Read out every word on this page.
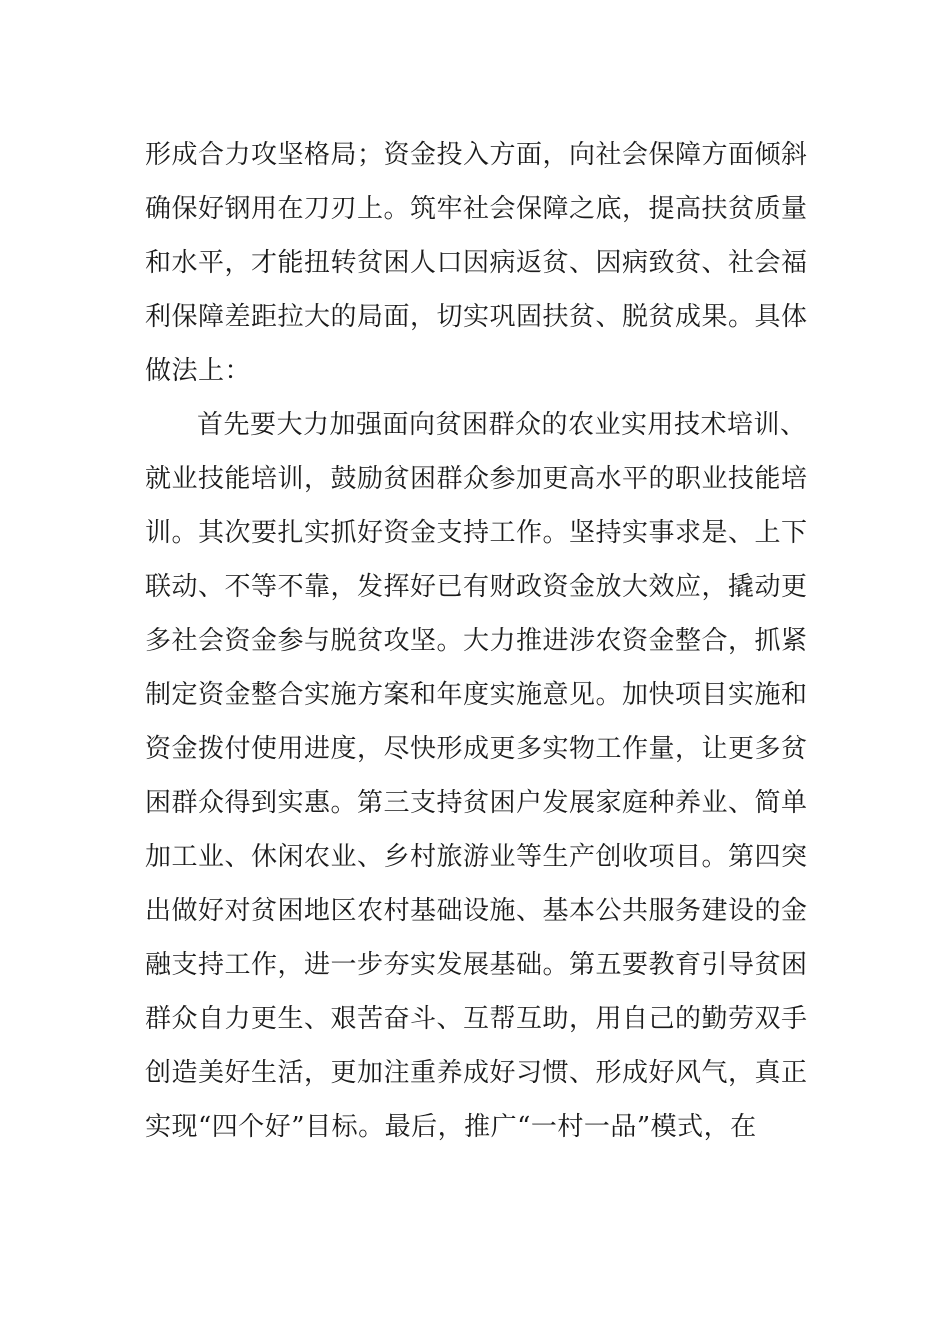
形成合力攻坚格局；资金投入方面，向社会保障方面倾斜
确保好钢用在刀刃上。筑牢社会保障之底，提高扶贫质量
和水平，才能扭转贫困人口因病返贫、因病致贫、社会福
利保障差距拉大的局面，切实巩固扶贫、脱贫成果。具体
做法上：
首先要大力加强面向贫困群众的农业实用技术培训、
就业技能培训，鼓励贫困群众参加更高水平的职业技能培
训。其次要扎实抓好资金支持工作。坚持实事求是、上下
联动、不等不靠，发挥好已有财政资金放大效应，撬动更
多社会资金参与脱贫攻坚。大力推进涉农资金整合，抓紧
制定资金整合实施方案和年度实施意见。加快项目实施和
资金拨付使用进度，尽快形成更多实物工作量，让更多贫
困群众得到实惠。第三支持贫困户发展家庭种养业、简单
加工业、休闲农业、乡村旅游业等生产创收项目。第四突
出做好对贫困地区农村基础设施、基本公共服务建设的金
融支持工作，进一步夯实发展基础。第五要教育引导贫困
群众自力更生、艰苦奋斗、互帮互助，用自己的勤劳双手
创造美好生活，更加注重养成好习惯、形成好风气，真正
实现“四个好”目标。最后，推广“一村一品”模式，在
